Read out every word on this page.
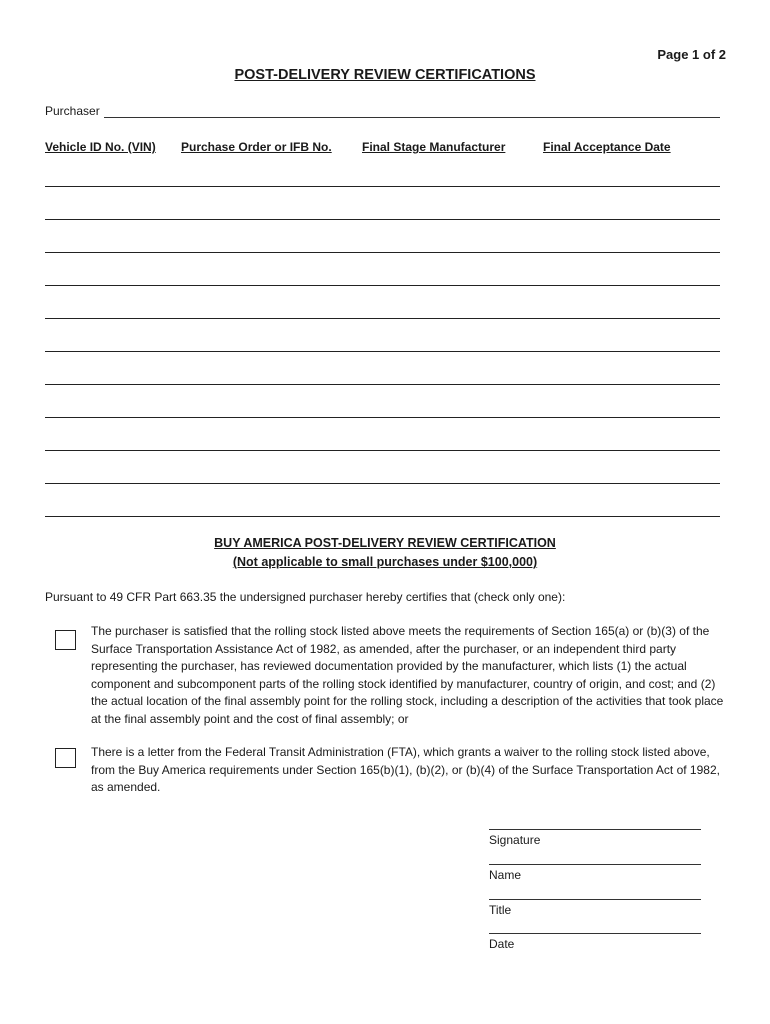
Page 1 of 2
POST-DELIVERY REVIEW CERTIFICATIONS
Purchaser
Vehicle ID No. (VIN) Purchase Order or IFB No.	Final Stage Manufacturer	Final Acceptance Date
BUY AMERICA POST-DELIVERY REVIEW CERTIFICATION
(Not applicable to small purchases under $100,000)
Pursuant to 49 CFR Part 663.35 the undersigned purchaser hereby certifies that (check only one):
The purchaser is satisfied that the rolling stock listed above meets the requirements of Section 165(a) or (b)(3) of the Surface Transportation Assistance Act of 1982, as amended, after the purchaser, or an independent third party representing the purchaser, has reviewed documentation provided by the manufacturer, which lists (1) the actual component and subcomponent parts of the rolling stock identified by manufacturer, country of origin, and cost; and (2) the actual location of the final assembly point for the rolling stock, including a description of the activities that took place at the final assembly point and the cost of final assembly; or
There is a letter from the Federal Transit Administration (FTA), which grants a waiver to the rolling stock listed above, from the Buy America requirements under Section 165(b)(1), (b)(2), or (b)(4) of the Surface Transportation Act of 1982, as amended.
Signature
Name
Title
Date
